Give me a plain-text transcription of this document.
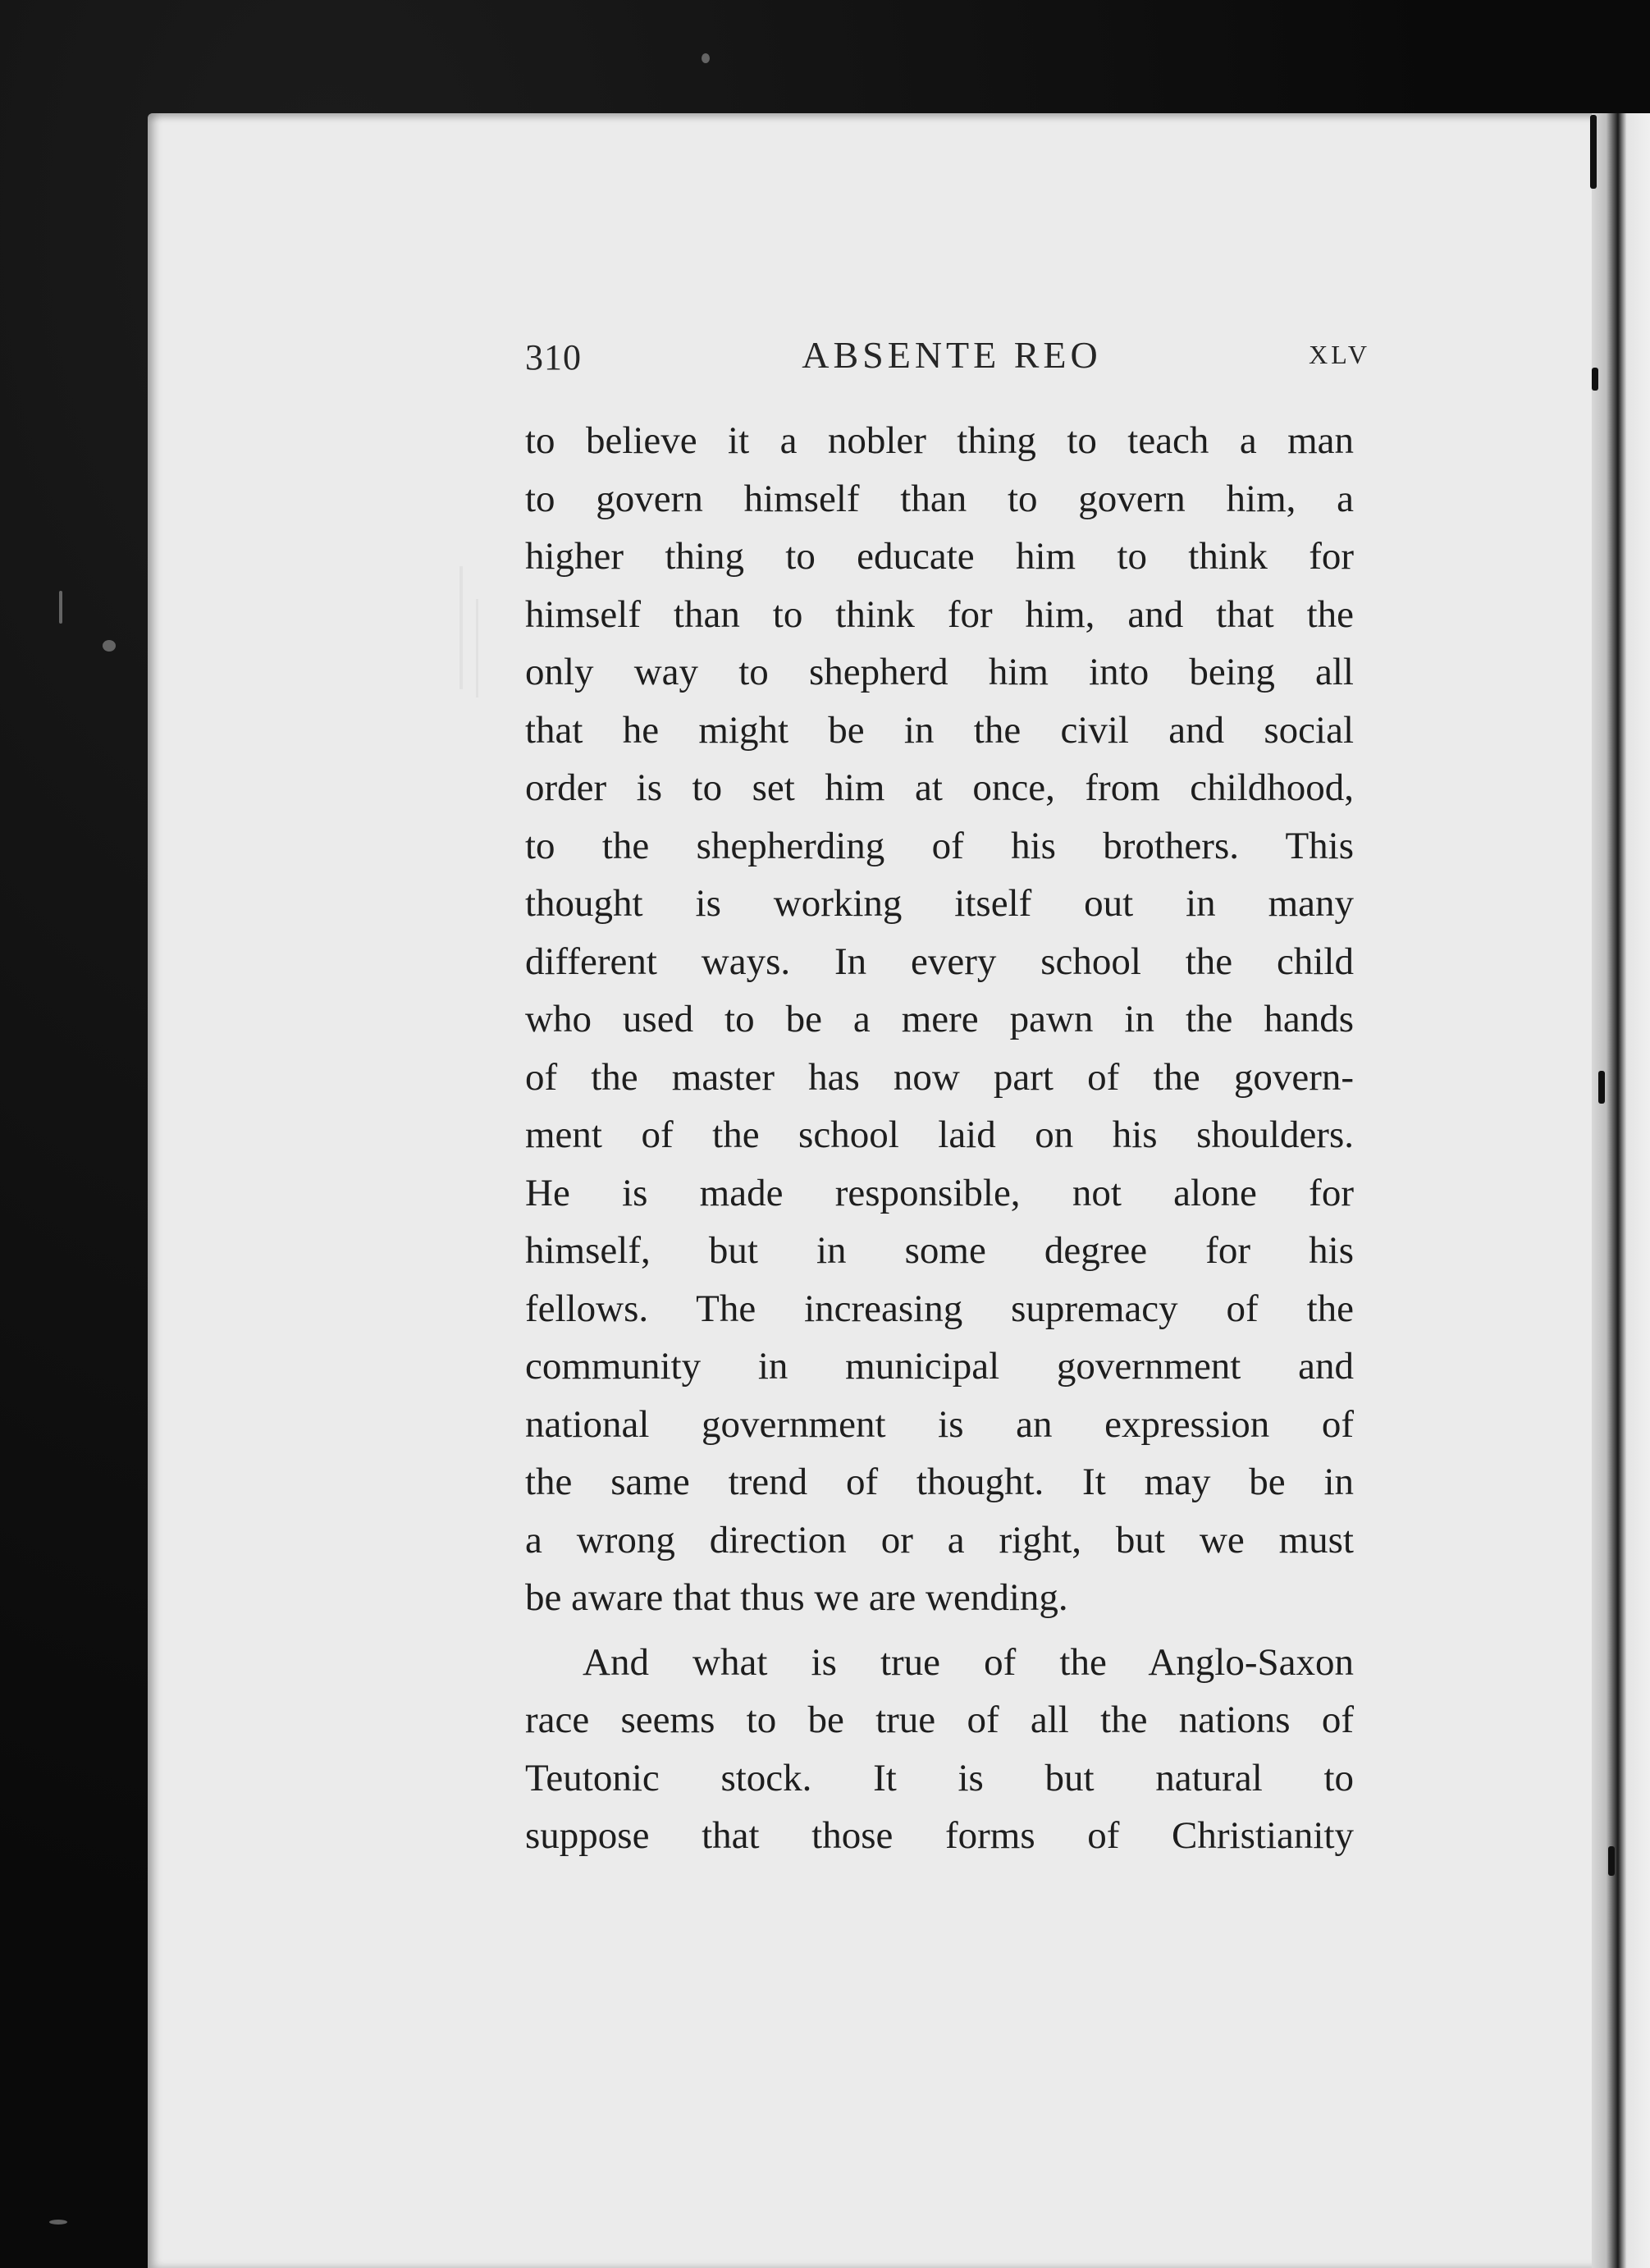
310	ABSENTE REO	XLV
to believe it a nobler thing to teach a man
to govern himself than to govern him, a
higher thing to educate him to think for
himself than to think for him, and that the
only way to shepherd him into being all
that he might be in the civil and social
order is to set him at once, from childhood,
to the shepherding of his brothers. This
thought is working itself out in many
different ways. In every school the child
who used to be a mere pawn in the hands
of the master has now part of the govern-
ment of the school laid on his shoulders.
He is made responsible, not alone for
himself, but in some degree for his
fellows. The increasing supremacy of the
community in municipal government and
national government is an expression of
the same trend of thought. It may be in
a wrong direction or a right, but we must
be aware that thus we are wending.
And what is true of the Anglo-Saxon
race seems to be true of all the nations of
Teutonic stock. It is but natural to
suppose that those forms of Christianity
